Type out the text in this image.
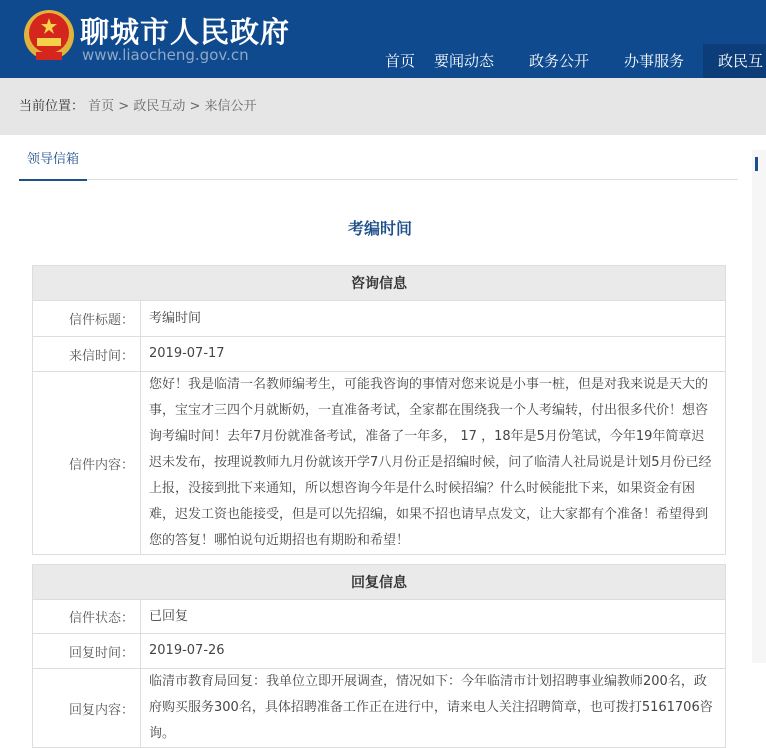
聊城市人民政府
www.liaocheng.gov.cn	首页	要闻动态	政务公开	办事服务	政民互
当前位置： 首页 > 政民互动 > 来信公开
领导信箱
考编时间
咨询信息	
信件标题：	考编时间
来信时间：	2019-07-17
信件内容：	您好！我是临清一名教师编考生，可能我咨询的事情对您来说是小事一桩，但是对我来说是天大的事，宝宝才三四个月就断奶，一直准备考试，全家都在围绕我一个人考编转，付出很多代价！想咨询考编时间！去年7月份就准备考试，准备了一年多， 17 ，18年是5月份笔试，今年19年简章迟迟未发布，按理说教师九月份就该开学7八月份正是招编时候，问了临清人社局说是计划5月份已经上报，没接到批下来通知，所以想咨询今年是什么时候招编？什么时候能批下来，如果资金有困难，迟发工资也能接受，但是可以先招编，如果不招也请早点发文，让大家都有个准备！希望得到您的答复！哪怕说句近期招也有期盼和希望！
回复信息	
信件状态：	已回复
回复时间：	2019-07-26
回复内容：	临清市教育局回复：我单位立即开展调查，情况如下：今年临清市计划招聘事业编教师200名，政府购买服务300名，具体招聘准备工作正在进行中，请来电人关注招聘简章，也可拨打5161706咨询。
